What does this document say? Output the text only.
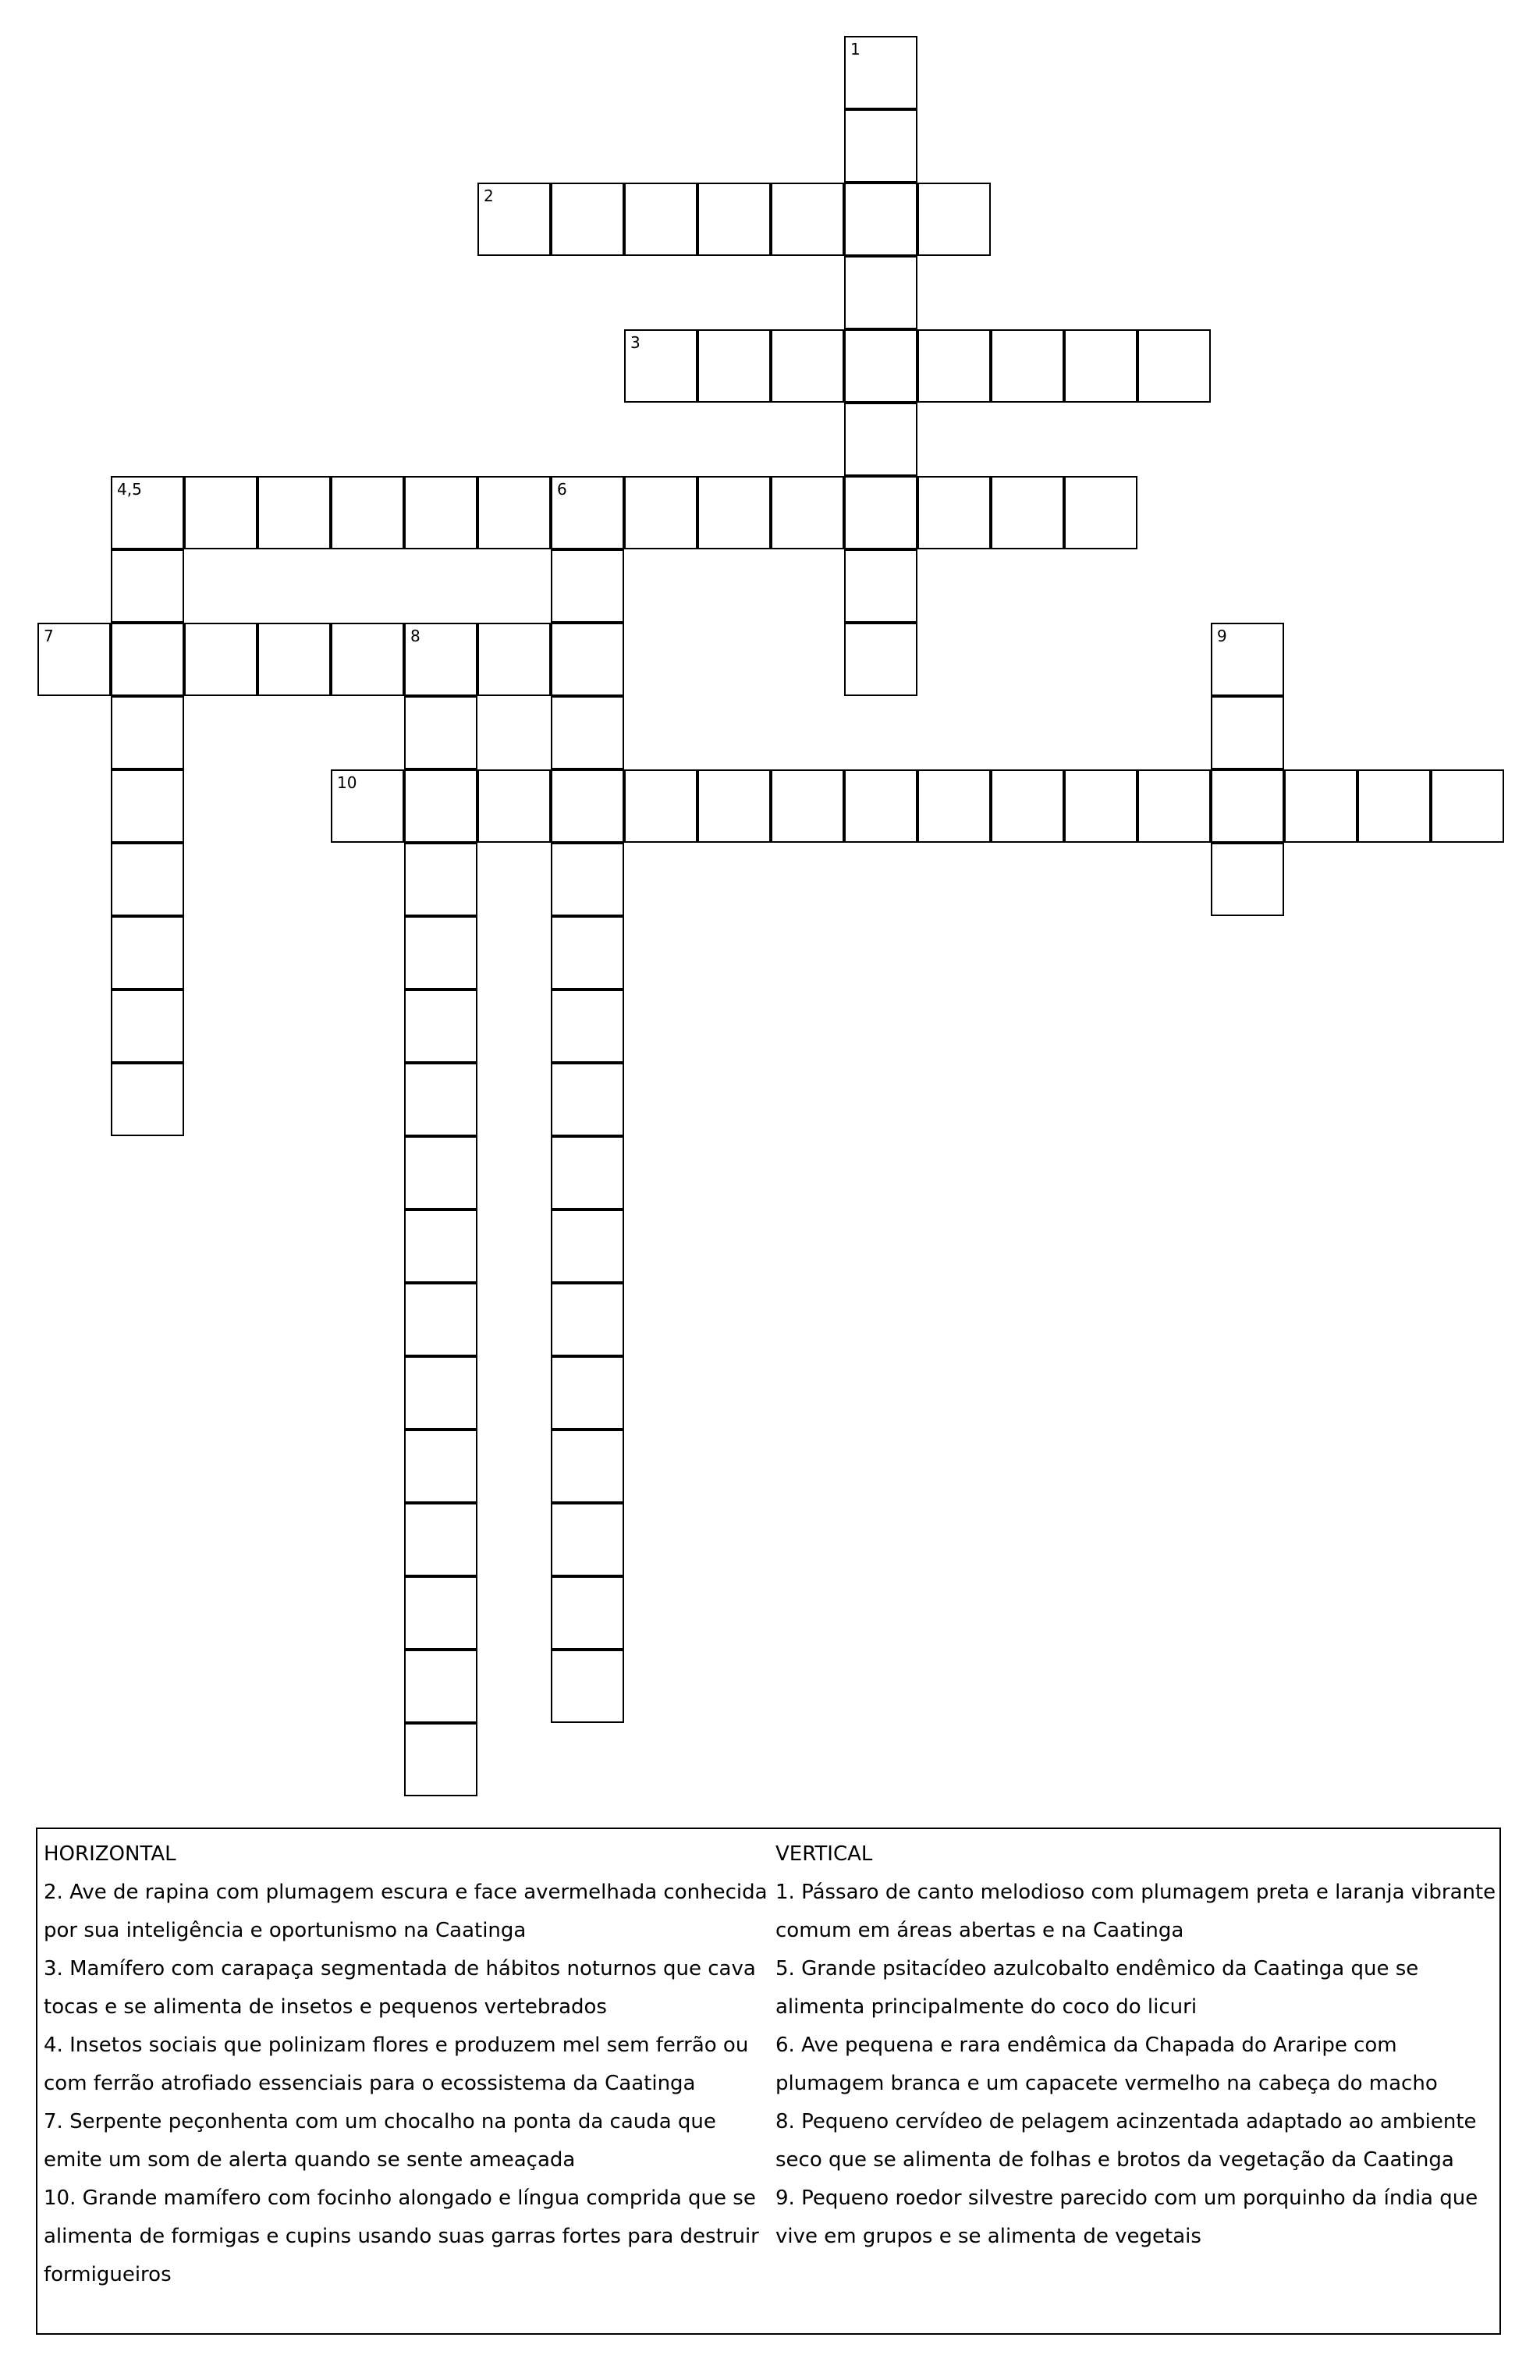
1
2
3
4,5	6
7	8	9
10

HORIZONTAL

2. Ave de rapina com plumagem escura e face avermelhada conhecida por sua inteligência e oportunismo na Caatinga

3. Mamífero com carapaça segmentada de hábitos noturnos que cava tocas e se alimenta de insetos e pequenos vertebrados

4. Insetos sociais que polinizam flores e produzem mel sem ferrão ou com ferrão atrofiado essenciais para o ecossistema da Caatinga

7. Serpente peçonhenta com um chocalho na ponta da cauda que emite um som de alerta quando se sente ameaçada

10. Grande mamífero com focinho alongado e língua comprida que se alimenta de formigas e cupins usando suas garras fortes para destruir formigueiros

VERTICAL

1. Pássaro de canto melodioso com plumagem preta e laranja vibrante comum em áreas abertas e na Caatinga

5. Grande psitacídeo azulcobalto endêmico da Caatinga que se alimenta principalmente do coco do licuri

6. Ave pequena e rara endêmica da Chapada do Araripe com plumagem branca e um capacete vermelho na cabeça do macho

8. Pequeno cervídeo de pelagem acinzentada adaptado ao ambiente seco que se alimenta de folhas e brotos da vegetação da Caatinga

9. Pequeno roedor silvestre parecido com um porquinho da índia que vive em grupos e se alimenta de vegetais
